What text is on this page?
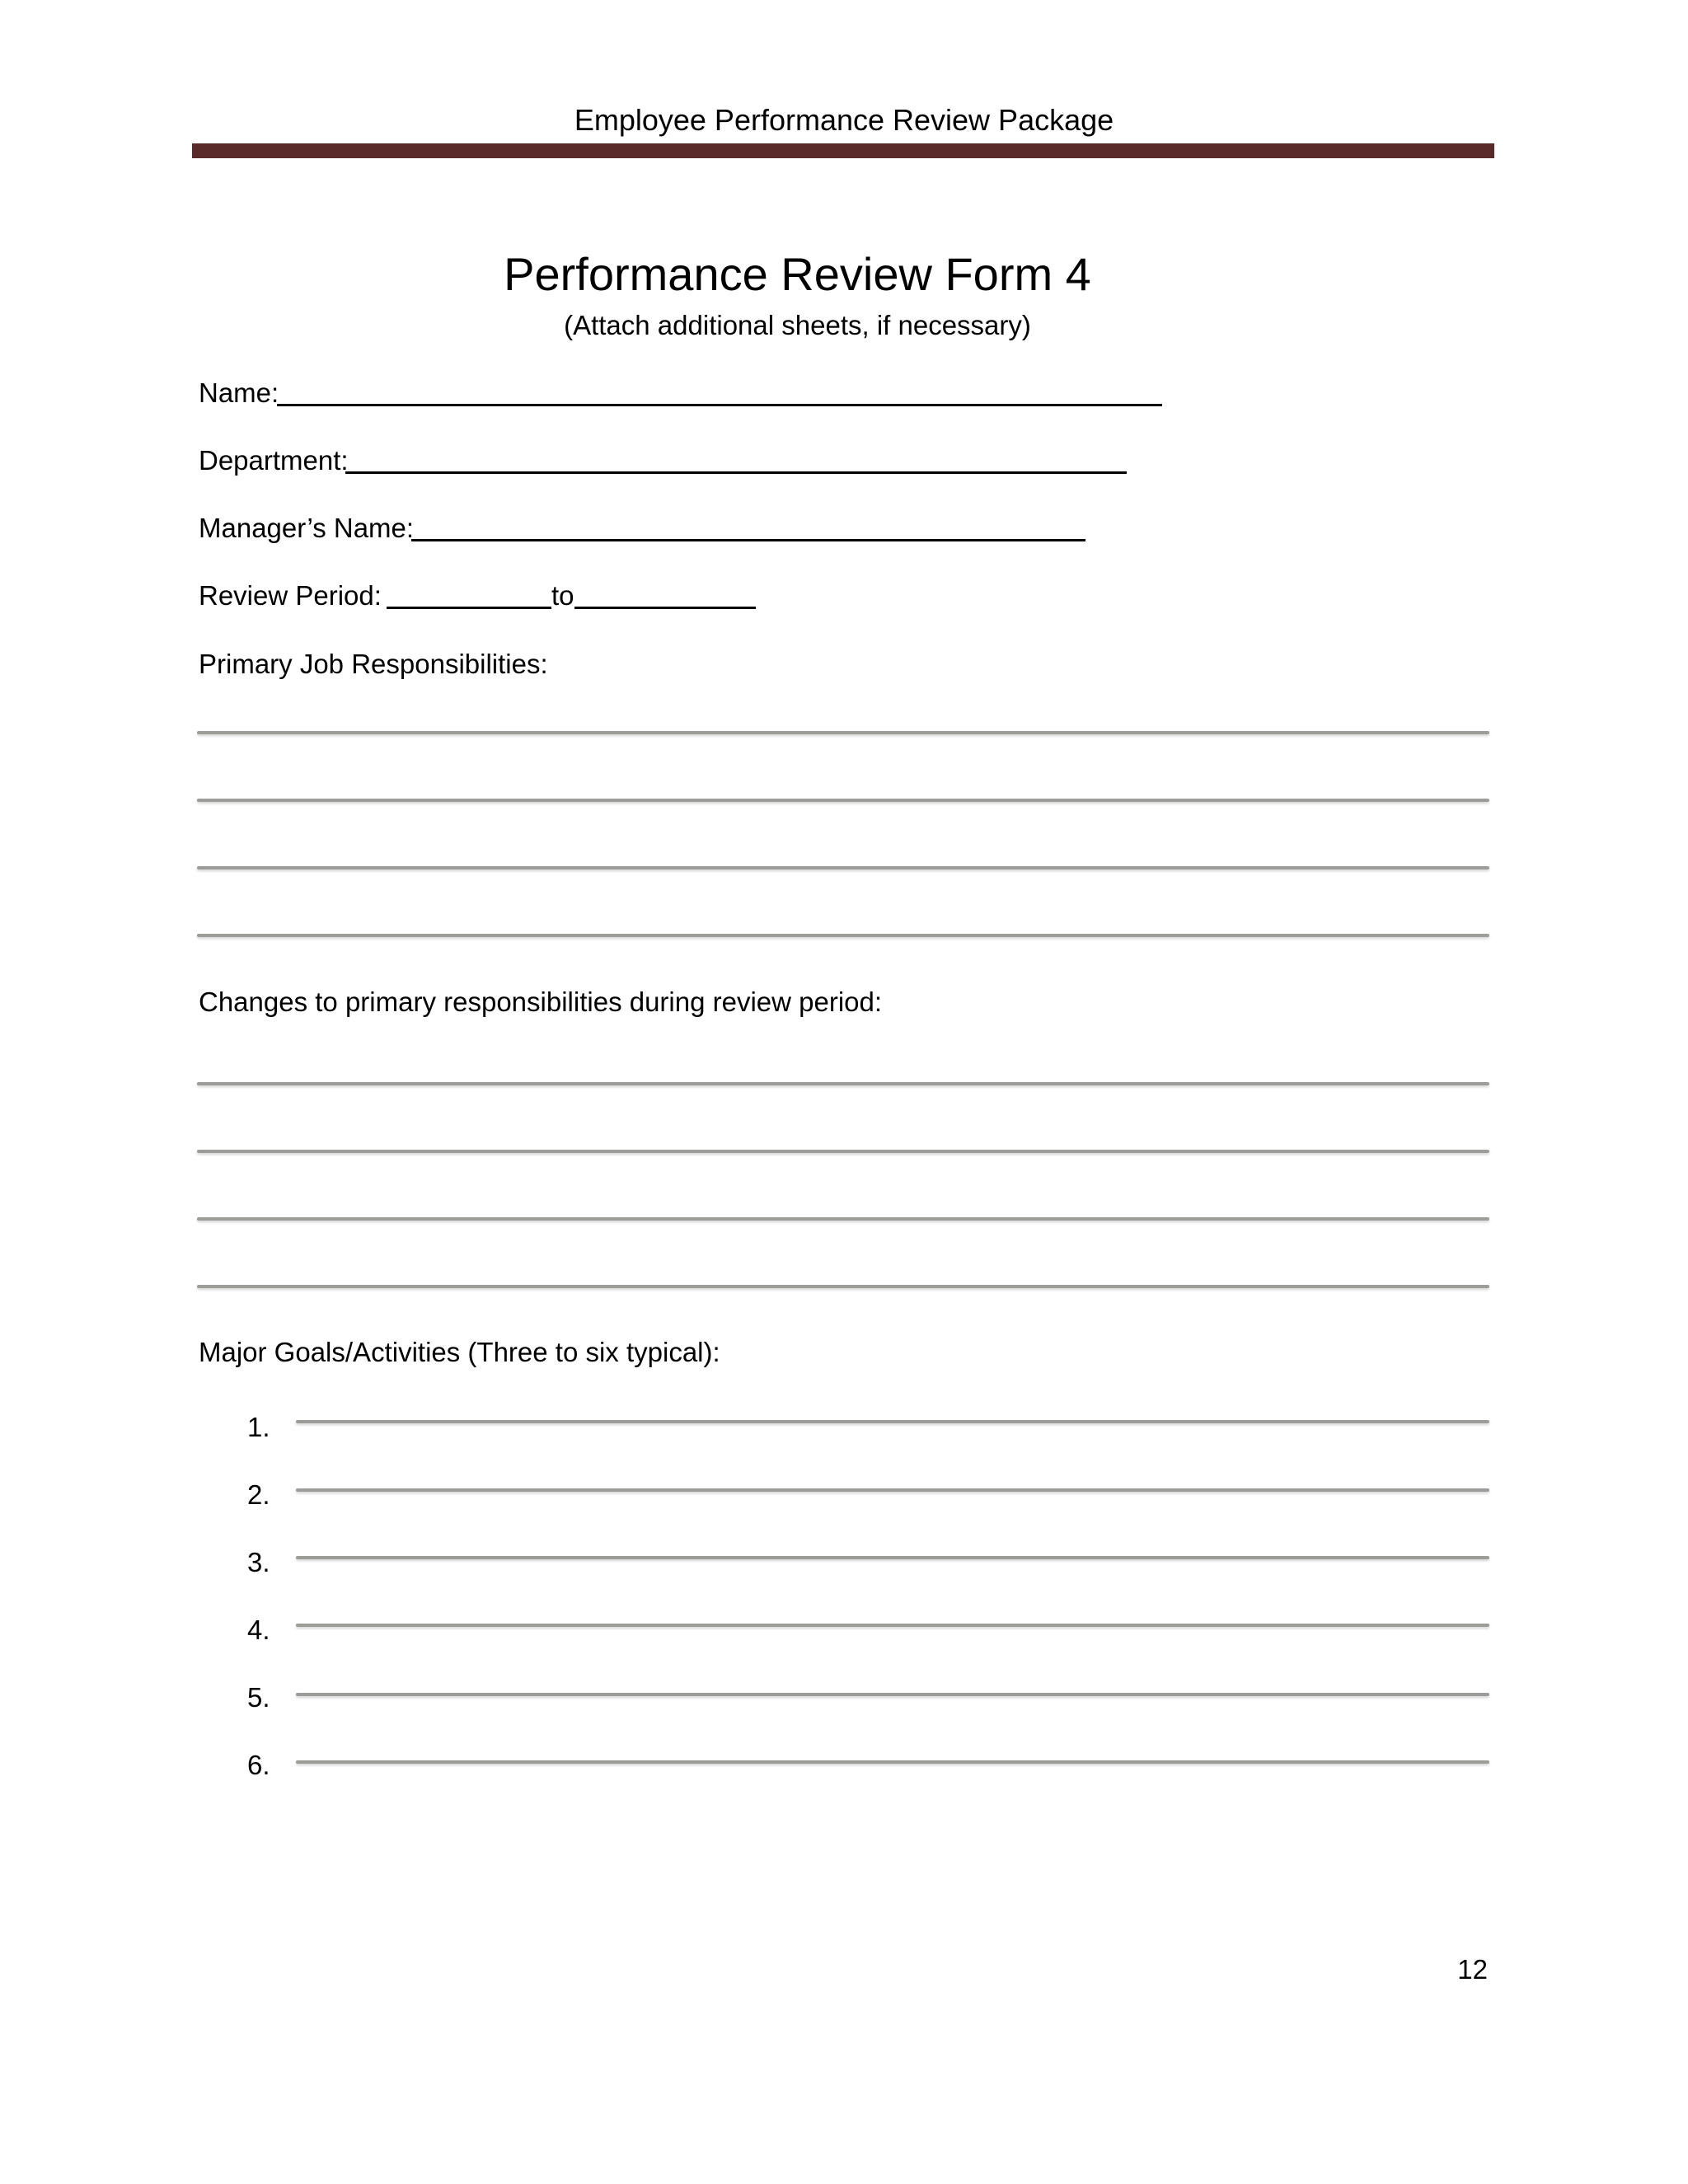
Employee Performance Review Package
Performance Review Form 4
(Attach additional sheets, if necessary)
Name:
Department:
Manager’s Name:
Review Period:	to
Primary Job Responsibilities:
Changes to primary responsibilities during review period:
Major Goals/Activities (Three to six typical):
1.
2.
3.
4.
5.
6.
12
